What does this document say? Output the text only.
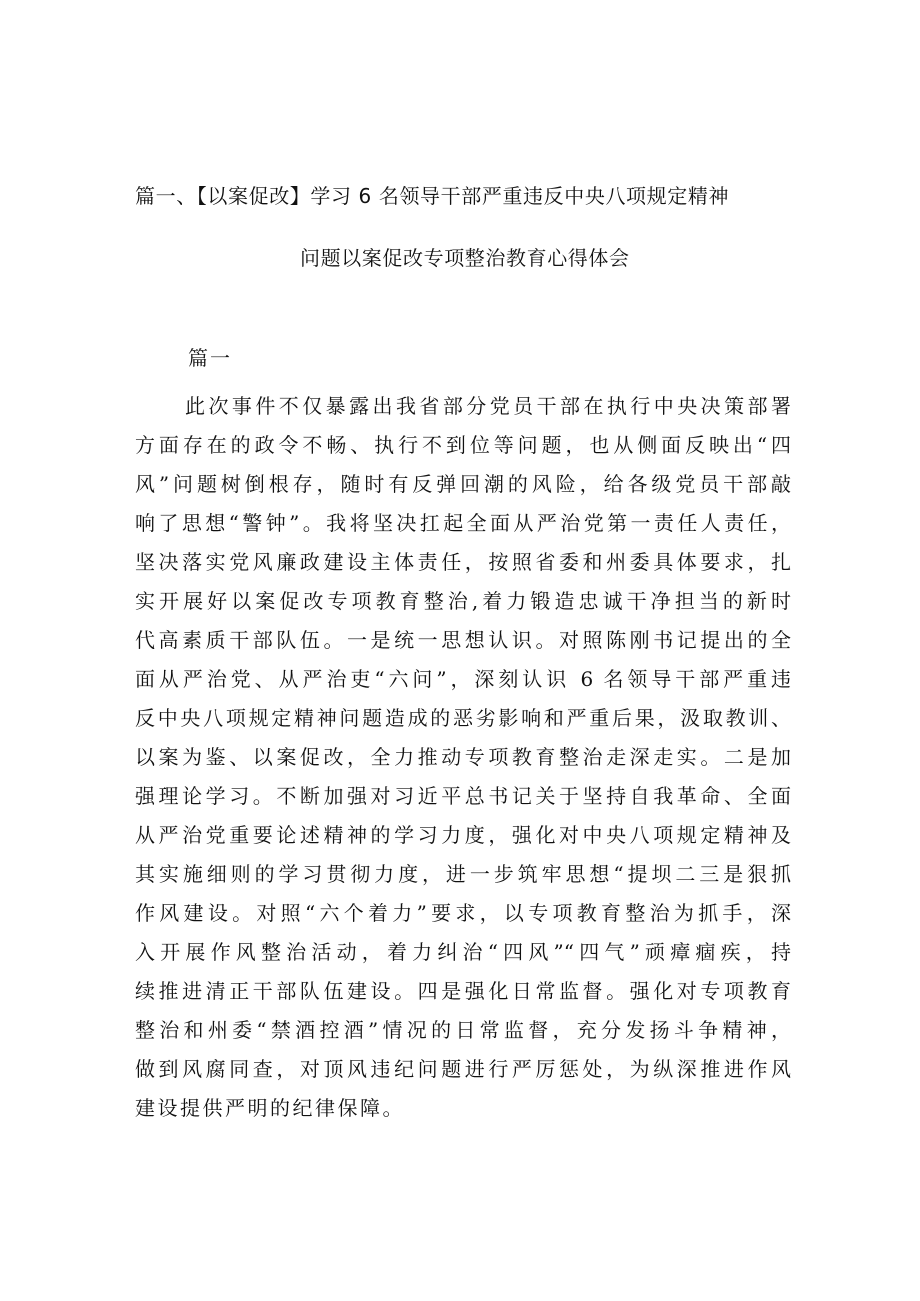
篇一、【以案促改】学习 6 名领导干部严重违反中央八项规定精神
问题以案促改专项整治教育心得体会
篇一
此次事件不仅暴露出我省部分党员干部在执行中央决策部署
方面存在的政令不畅、执行不到位等问题，也从侧面反映出“四
风”问题树倒根存，随时有反弹回潮的风险，给各级党员干部敲
响了思想“警钟”。我将坚决扛起全面从严治党第一责任人责任，
坚决落实党风廉政建设主体责任，按照省委和州委具体要求，扎
实开展好以案促改专项教育整治,着力锻造忠诚干净担当的新时
代高素质干部队伍。一是统一思想认识。对照陈刚书记提出的全
面从严治党、从严治吏“六问”，深刻认识 6 名领导干部严重违
反中央八项规定精神问题造成的恶劣影响和严重后果，汲取教训、
以案为鉴、以案促改，全力推动专项教育整治走深走实。二是加
强理论学习。不断加强对习近平总书记关于坚持自我革命、全面
从严治党重要论述精神的学习力度，强化对中央八项规定精神及
其实施细则的学习贯彻力度，进一步筑牢思想“提坝二三是狠抓
作风建设。对照“六个着力”要求，以专项教育整治为抓手，深
入开展作风整治活动，着力纠治“四风”“四气”顽瘴痼疾，持
续推进清正干部队伍建设。四是强化日常监督。强化对专项教育
整治和州委“禁酒控酒”情况的日常监督，充分发扬斗争精神，
做到风腐同查，对顶风违纪问题进行严厉惩处，为纵深推进作风
建设提供严明的纪律保障。
